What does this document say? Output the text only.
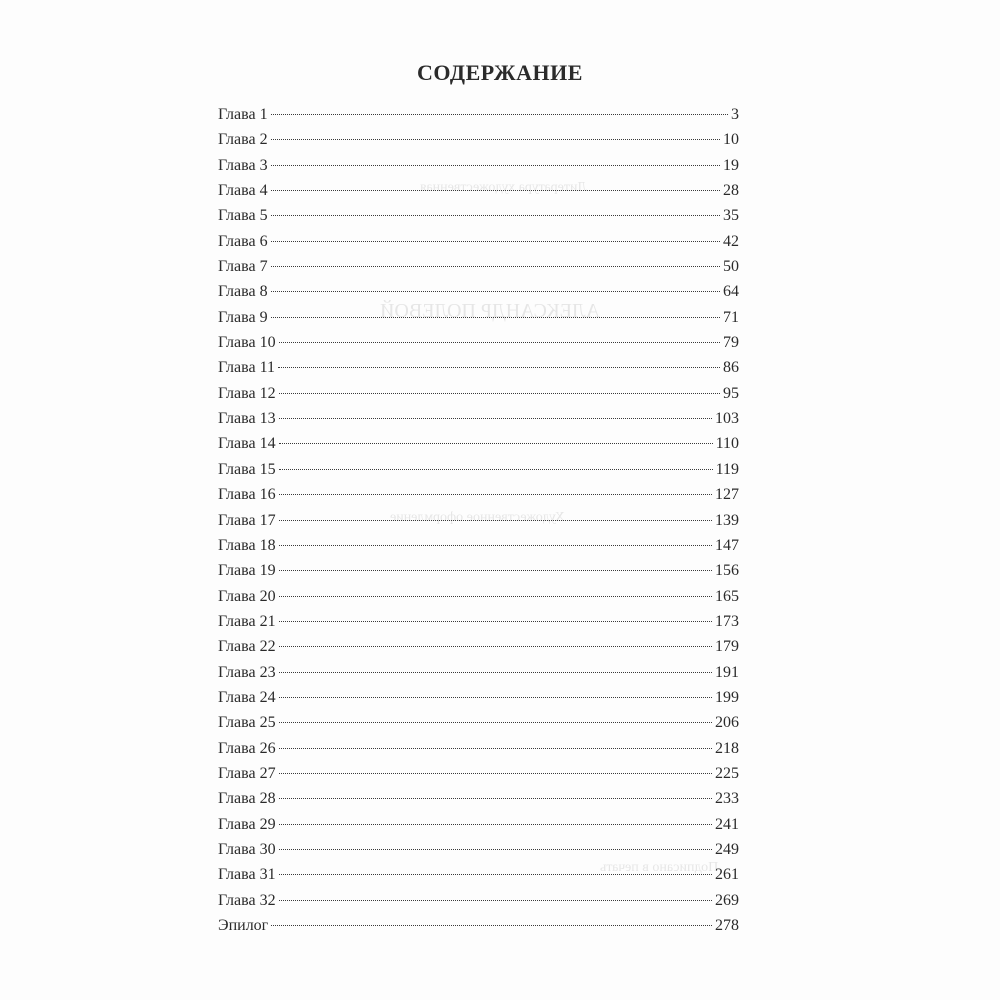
Литература художественная
АЛЕКСАНДР ПОЛЕВОЙ
Художественное оформление
Подписано в печать
СОДЕРЖАНИЕ
Глава 1	3
Глава 2	10
Глава 3	19
Глава 4	28
Глава 5	35
Глава 6	42
Глава 7	50
Глава 8	64
Глава 9	71
Глава 10	79
Глава 11	86
Глава 12	95
Глава 13	103
Глава 14	110
Глава 15	119
Глава 16	127
Глава 17	139
Глава 18	147
Глава 19	156
Глава 20	165
Глава 21	173
Глава 22	179
Глава 23	191
Глава 24	199
Глава 25	206
Глава 26	218
Глава 27	225
Глава 28	233
Глава 29	241
Глава 30	249
Глава 31	261
Глава 32	269
Эпилог	278
